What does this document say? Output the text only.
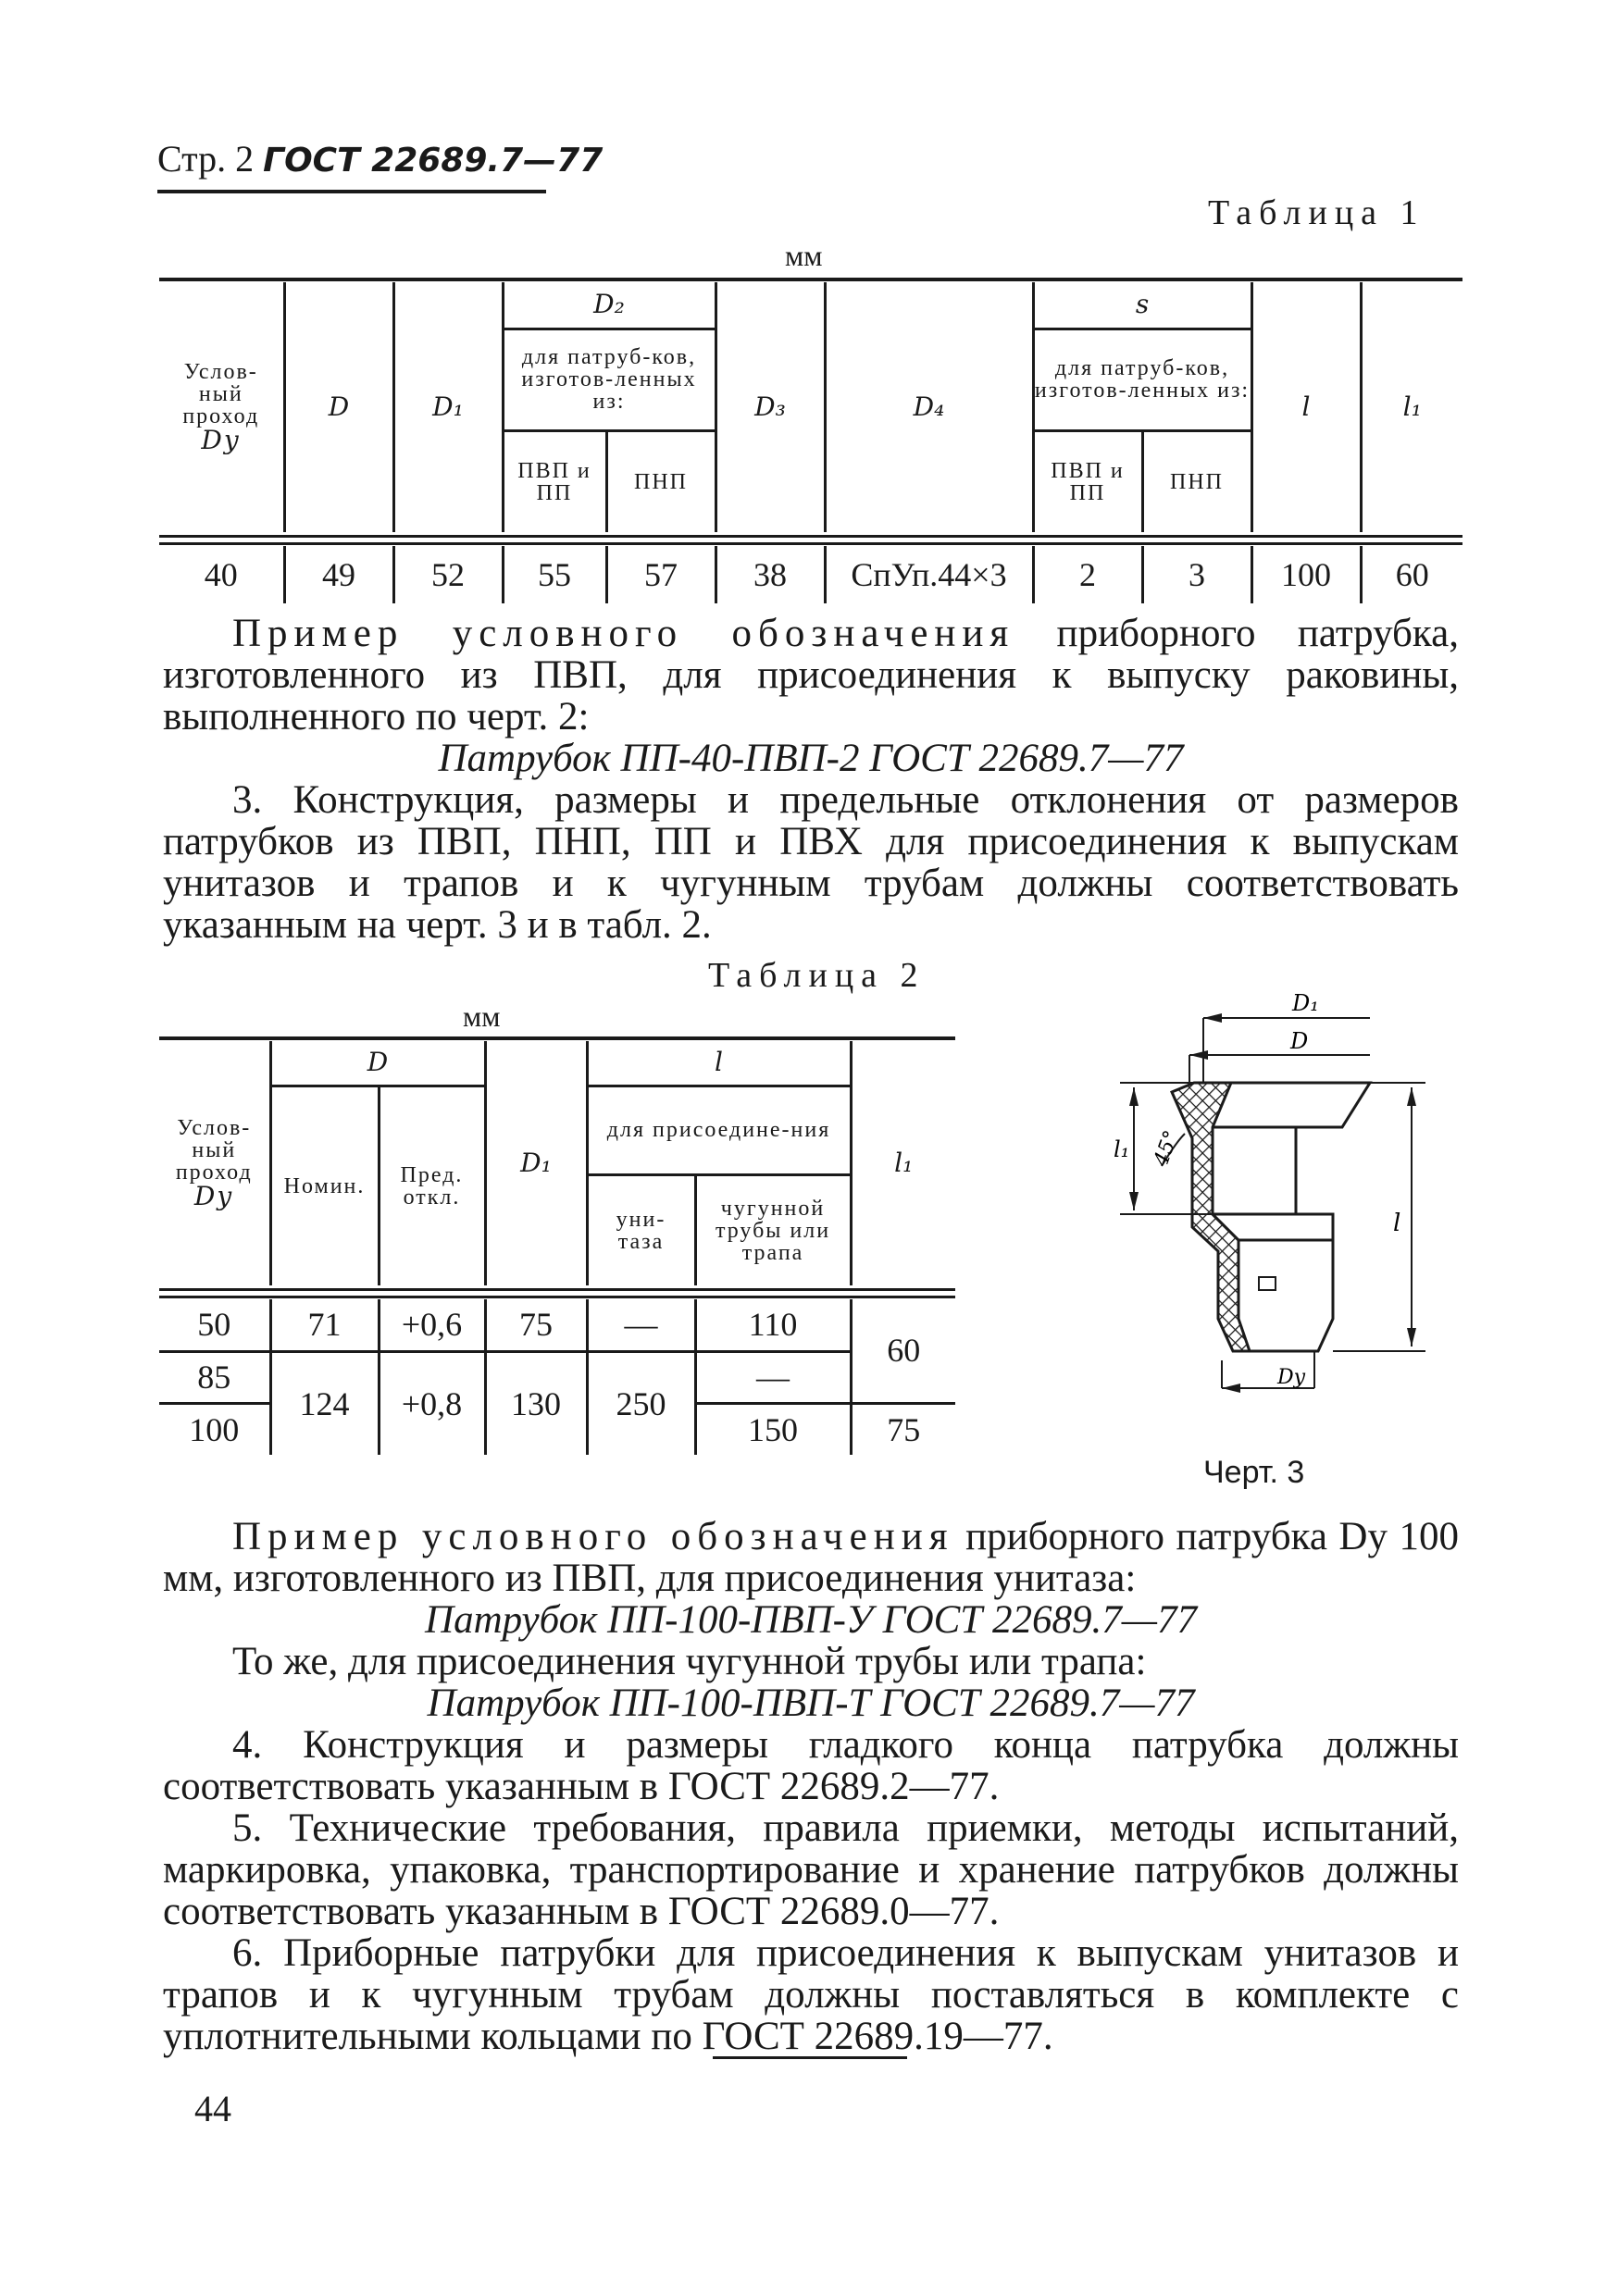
Стр. 2 ГОСТ 22689.7—77
Таблица 1
мм
Услов-ный проход
Dу	D	D₁	D₂		D₃	D₄	s		l	l₁
			для патруб-ков, изготов-ленных из:				для патруб-ков, изготов-ленных из:			

			ПВП и ПП	ПНП			ПВП и ПП	ПНП		
40	49	52	55	57	38	СпУп.44×3	2	3	100	60

Пример условного обозначения приборного патрубка, изготовленного из ПВП, для присоединения к выпуску раковины, выполненного по черт. 2:

Патрубок ПП-40-ПВП-2 ГОСТ 22689.7—77

3. Конструкция, размеры и предельные отклонения от размеров патрубков из ПВП, ПНП, ПП и ПВХ для присоединения к выпускам унитазов и трапов и к чугунным трубам должны соответствовать указанным на черт. 3 и в табл. 2.

Таблица 2
мм
Услов-ный проход
Dу	D		D₁	l		l₁
	Номин.	Пред. откл.		для присоедине-ния		

				уни-таза	чугунной трубы или трапа	
50	71	+0,6	75	—	110	60
85	124	+0,8	130	250	—	
100					150	75
D₁
D
l₁ 45°
l
Dу
Черт. 3

Пример условного обозначения приборного патрубка Dу 100 мм, изготовленного из ПВП, для присоединения унитаза:

Патрубок ПП-100-ПВП-У ГОСТ 22689.7—77

То же, для присоединения чугунной трубы или трапа:

Патрубок ПП-100-ПВП-Т ГОСТ 22689.7—77

4. Конструкция и размеры гладкого конца патрубка должны соответствовать указанным в ГОСТ 22689.2—77.

5. Технические требования, правила приемки, методы испытаний, маркировка, упаковка, транспортирование и хранение патрубков должны соответствовать указанным в ГОСТ 22689.0—77.

6. Приборные патрубки для присоединения к выпускам унитазов и трапов и к чугунным трубам должны поставляться в комплекте с уплотнительными кольцами по ГОСТ 22689.19—77.

44
